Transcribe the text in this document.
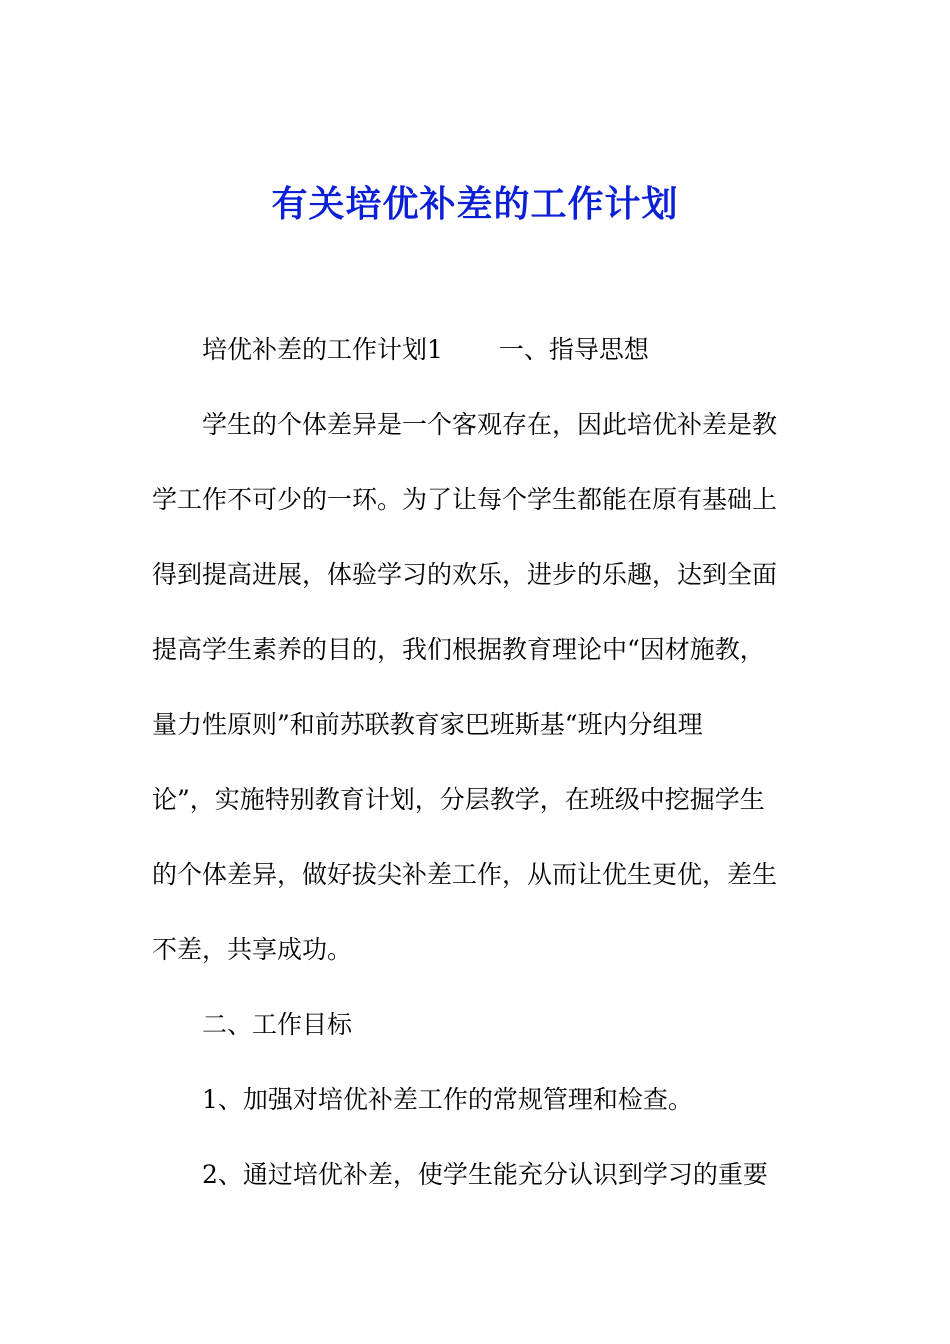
有关培优补差的工作计划

培优补差的工作计划1 一、指导思想

学生的个体差异是一个客观存在，因此培优补差是教

学工作不可少的一环。为了让每个学生都能在原有基础上

得到提高进展，体验学习的欢乐，进步的乐趣，达到全面

提高学生素养的目的，我们根据教育理论中“因材施教，

量力性原则”和前苏联教育家巴班斯基“班内分组理

论”，实施特别教育计划，分层教学，在班级中挖掘学生

的个体差异，做好拔尖补差工作，从而让优生更优，差生

不差，共享成功。

二、工作目标

1、加强对培优补差工作的常规管理和检查。

2、通过培优补差，使学生能充分认识到学习的重要
